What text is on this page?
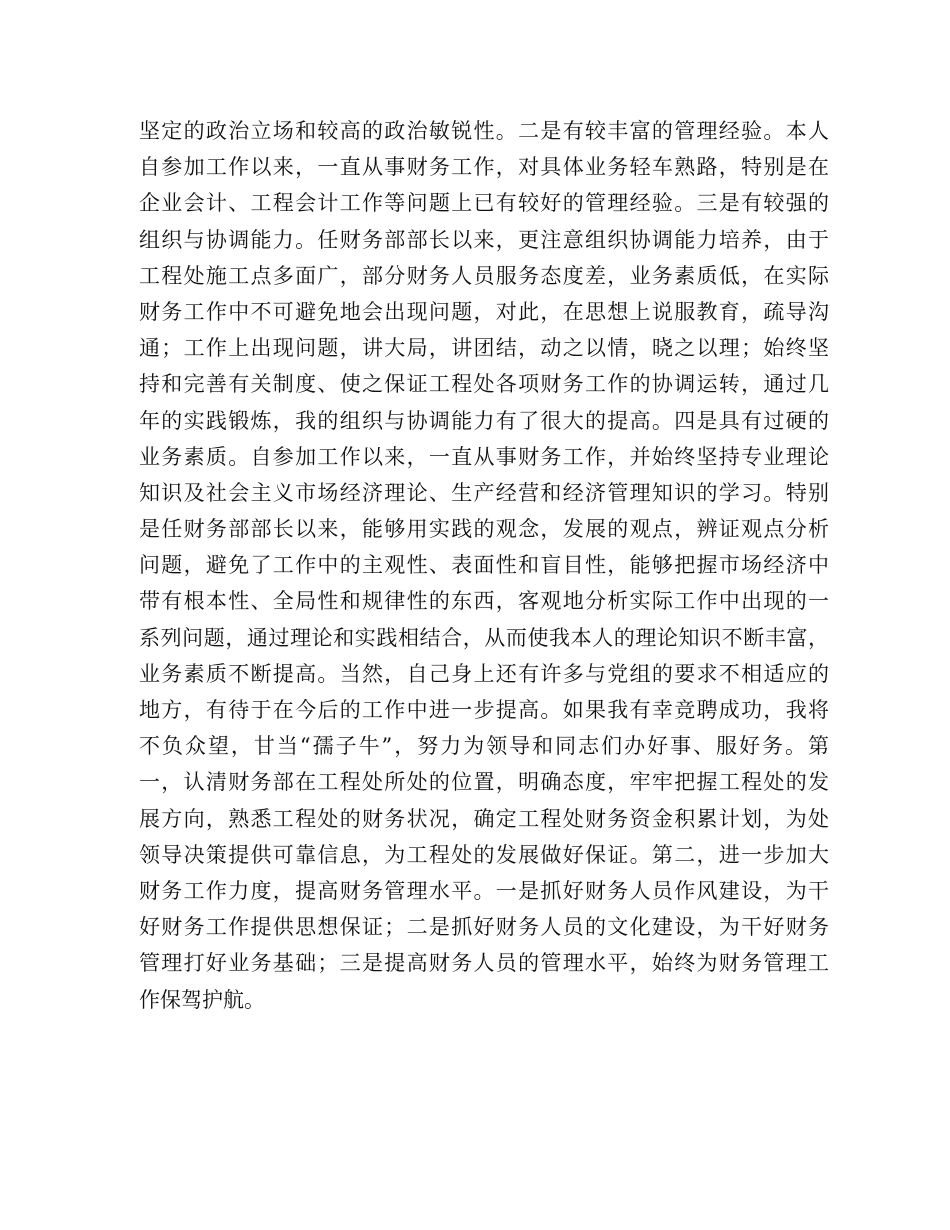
坚定的政治立场和较高的政治敏锐性。二是有较丰富的管理经验。本人
自参加工作以来，一直从事财务工作，对具体业务轻车熟路，特别是在
企业会计、工程会计工作等问题上已有较好的管理经验。三是有较强的
组织与协调能力。任财务部部长以来，更注意组织协调能力培养，由于
工程处施工点多面广，部分财务人员服务态度差，业务素质低，在实际
财务工作中不可避免地会出现问题，对此，在思想上说服教育，疏导沟
通；工作上出现问题，讲大局，讲团结，动之以情，晓之以理；始终坚
持和完善有关制度、使之保证工程处各项财务工作的协调运转，通过几
年的实践锻炼，我的组织与协调能力有了很大的提高。四是具有过硬的
业务素质。自参加工作以来，一直从事财务工作，并始终坚持专业理论
知识及社会主义市场经济理论、生产经营和经济管理知识的学习。特别
是任财务部部长以来，能够用实践的观念，发展的观点，辨证观点分析
问题，避免了工作中的主观性、表面性和盲目性，能够把握市场经济中
带有根本性、全局性和规律性的东西，客观地分析实际工作中出现的一
系列问题，通过理论和实践相结合，从而使我本人的理论知识不断丰富，
业务素质不断提高。当然，自己身上还有许多与党组的要求不相适应的
地方，有待于在今后的工作中进一步提高。如果我有幸竞聘成功，我将
不负众望，甘当“孺子牛”，努力为领导和同志们办好事、服好务。第
一，认清财务部在工程处所处的位置，明确态度，牢牢把握工程处的发
展方向，熟悉工程处的财务状况，确定工程处财务资金积累计划，为处
领导决策提供可靠信息，为工程处的发展做好保证。第二，进一步加大
财务工作力度，提高财务管理水平。一是抓好财务人员作风建设，为干
好财务工作提供思想保证；二是抓好财务人员的文化建设，为干好财务
管理打好业务基础；三是提高财务人员的管理水平，始终为财务管理工
作保驾护航。
